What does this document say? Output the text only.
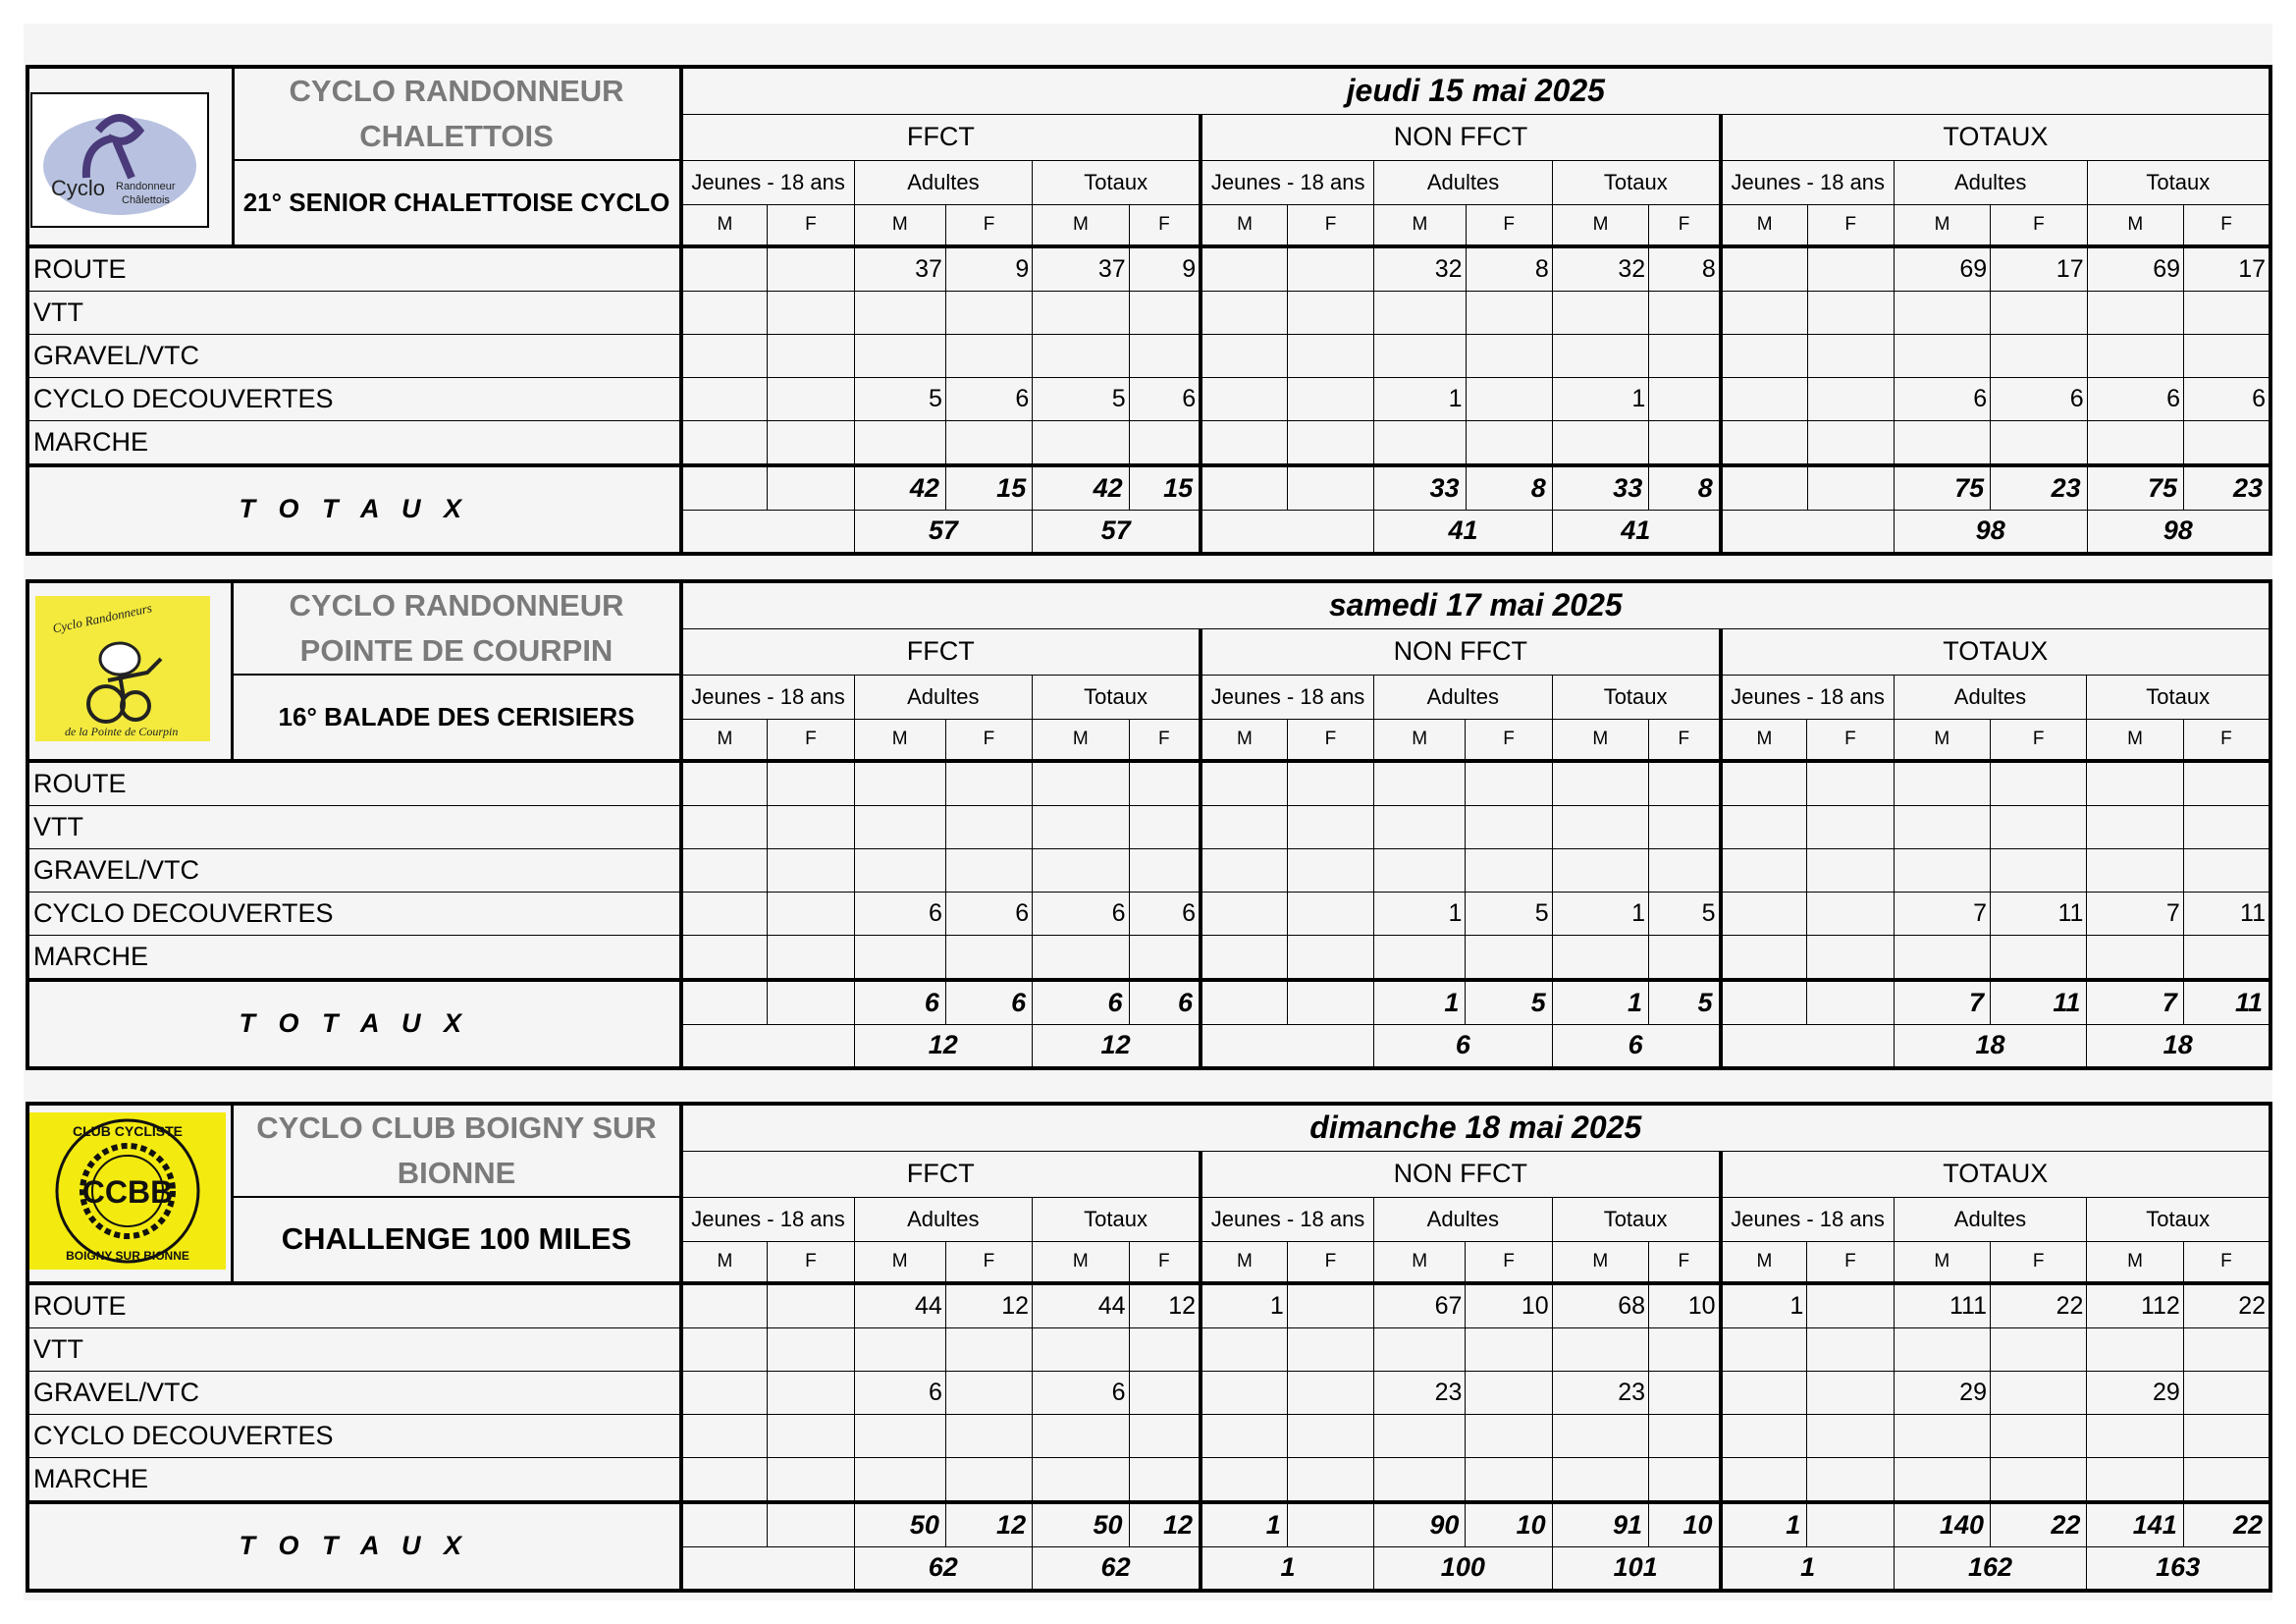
Cyclo Randonneur
Châlettois	CYCLO RANDONNEUR CHALETTOIS	jeudi 15 mai 2025																	
		FFCT						NON FFCT						TOTAUX					
	21° SENIOR CHALETTOISE CYCLO	Jeunes - 18 ans		Adultes		Totaux		Jeunes - 18 ans		Adultes		Totaux		Jeunes - 18 ans		Adultes		Totaux	
		M	F	M	F	M	F	M	F	M	F	M	F	M	F	M	F	M	F
ROUTE				37	9	37	9			32	8	32	8			69	17	69	17
VTT																			
GRAVEL/VTC																			
CYCLO DECOUVERTES				5	6	5	6			1		1				6	6	6	6
MARCHE																			
T O T A U X				42	15	42	15			33	8	33	8			75	23	75	23
				57		57				41		41				98		98	
Cyclo Randonneurs
de la Pointe de Courpin	CYCLO RANDONNEUR POINTE DE COURPIN	samedi 17 mai 2025																	
		FFCT						NON FFCT						TOTAUX					
	16° BALADE DES CERISIERS	Jeunes - 18 ans		Adultes		Totaux		Jeunes - 18 ans		Adultes		Totaux		Jeunes - 18 ans		Adultes		Totaux	
		M	F	M	F	M	F	M	F	M	F	M	F	M	F	M	F	M	F
ROUTE																			
VTT																			
GRAVEL/VTC																			
CYCLO DECOUVERTES				6	6	6	6			1	5	1	5			7	11	7	11
MARCHE																			
T O T A U X				6	6	6	6			1	5	1	5			7	11	7	11
				12		12				6		6				18		18	
CCBB
CLUB CYCLISTE
BOIGNY SUR BIONNE	CYCLO CLUB BOIGNY SUR BIONNE	dimanche 18 mai 2025																	
		FFCT						NON FFCT						TOTAUX					
	CHALLENGE 100 MILES	Jeunes - 18 ans		Adultes		Totaux		Jeunes - 18 ans		Adultes		Totaux		Jeunes - 18 ans		Adultes		Totaux	
		M	F	M	F	M	F	M	F	M	F	M	F	M	F	M	F	M	F
ROUTE				44	12	44	12	1		67	10	68	10	1		111	22	112	22
VTT																			
GRAVEL/VTC				6		6				23		23				29		29	
CYCLO DECOUVERTES																			
MARCHE																			
T O T A U X				50	12	50	12	1		90	10	91	10	1		140	22	141	22
				62		62		1		100		101		1		162		163	
